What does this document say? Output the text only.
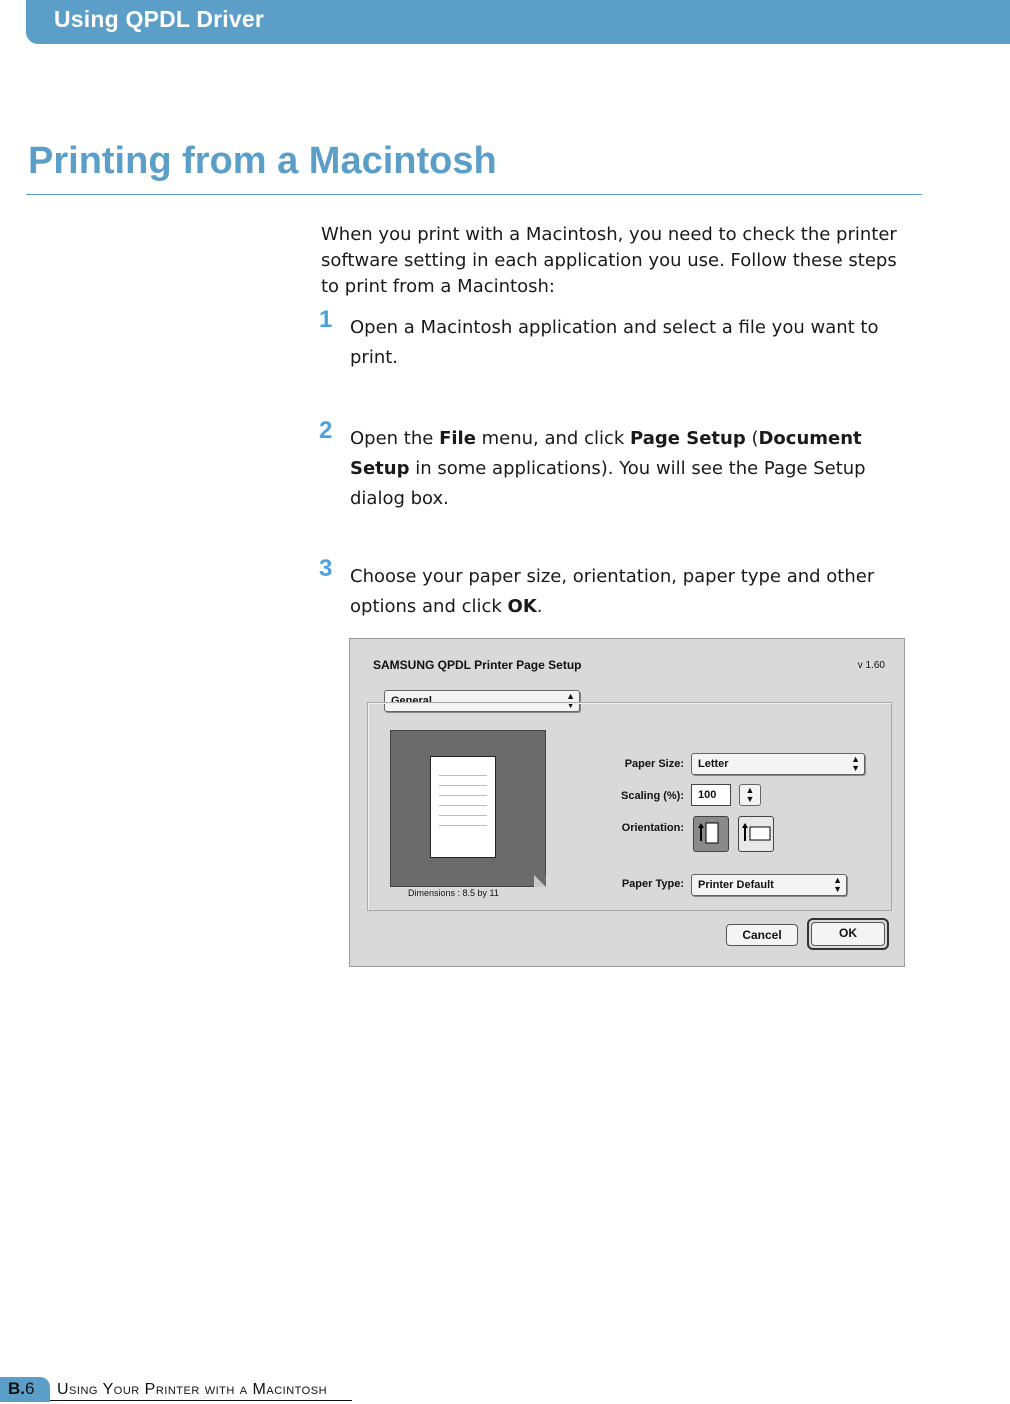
Using QPDL Driver
Printing from a Macintosh

When you print with a Macintosh, you need to check the printer software setting in each application you use. Follow these steps to print from a Macintosh:

1 Open a Macintosh application and select a file you want to print.
2 Open the File menu, and click Page Setup (Document Setup in some applications). You will see the Page Setup dialog box.
3 Choose your paper size, orientation, paper type and other options and click OK.
SAMSUNG QPDL Printer Page Setup	v 1.60
General	▲
▼
Dimensions : 8.5 by 11
Paper Size:	Letter	▲
▼
Scaling (%):	100	▲
▼
Orientation:
Paper Type:	Printer Default	▲
▼
Cancel	OK
B.6 Using Your Printer with a Macintosh
